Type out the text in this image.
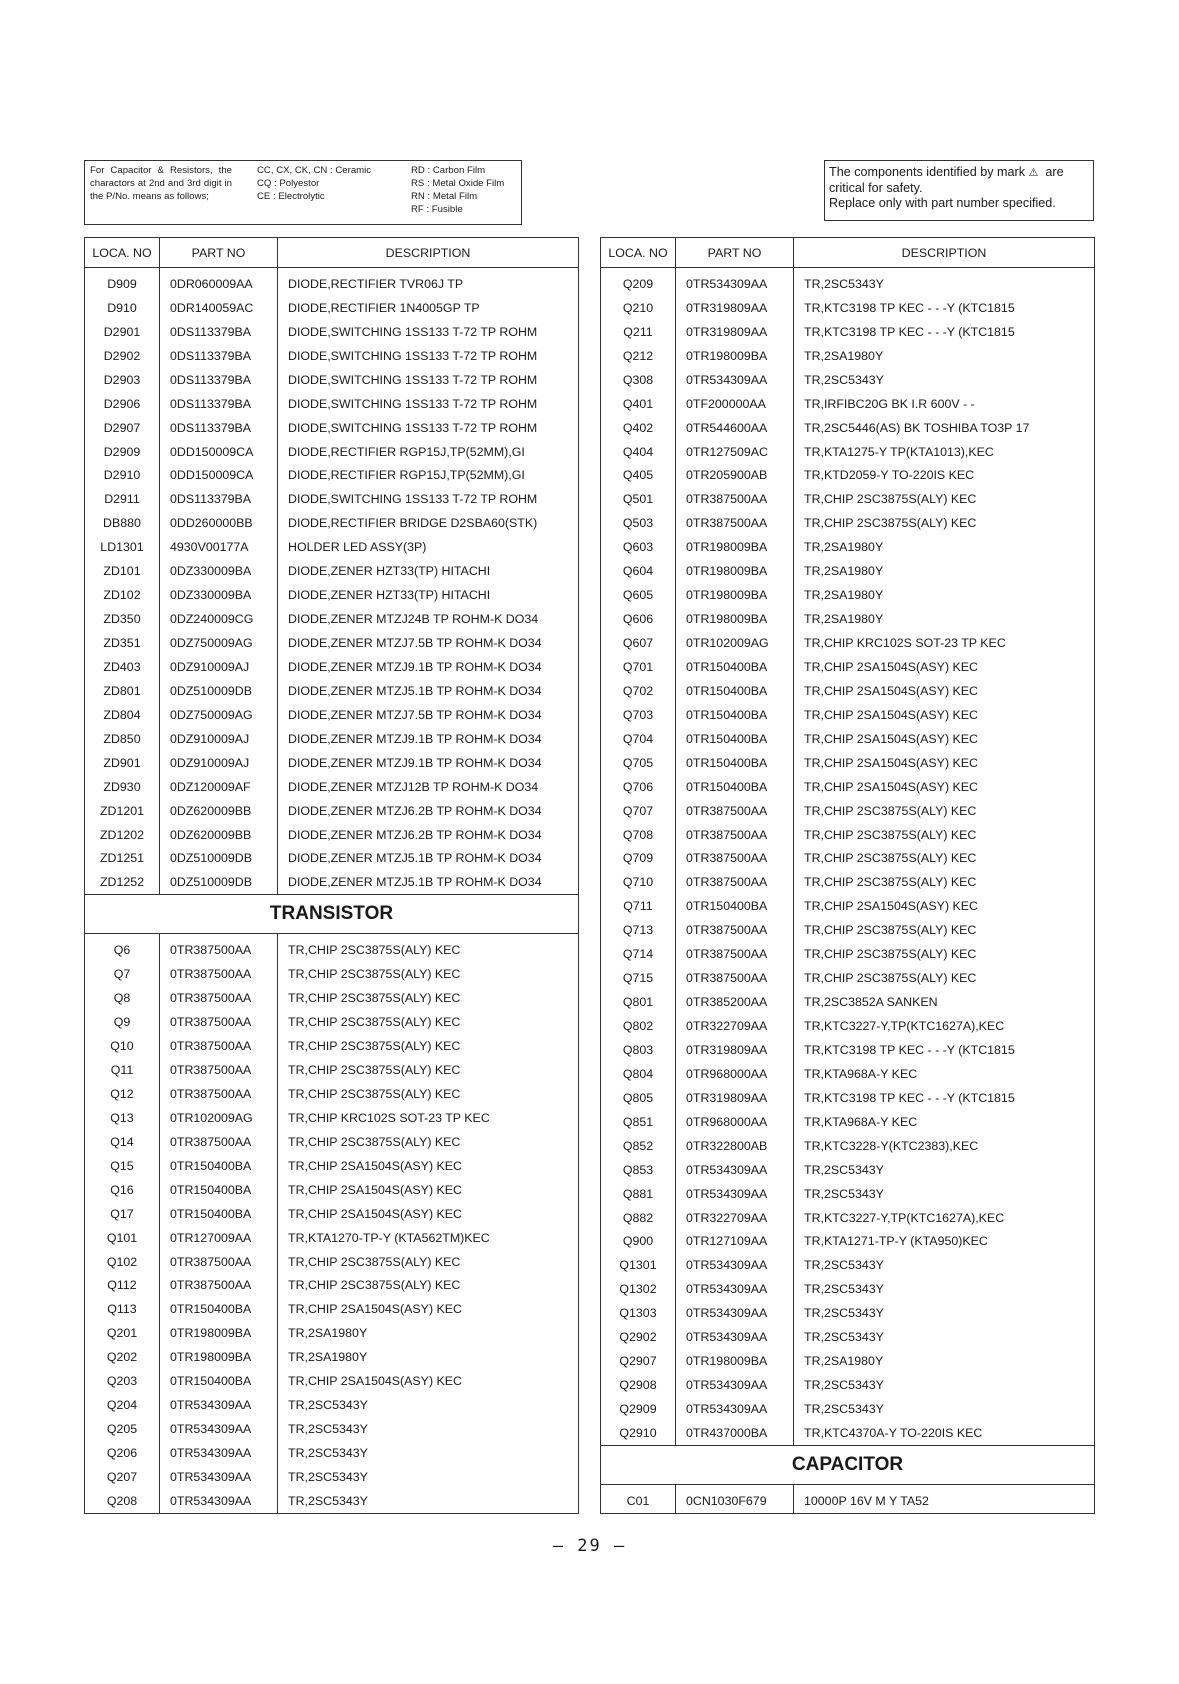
For Capacitor & Resistors, the charactors at 2nd and 3rd digit in the P/No. means as follows;
CC, CX, CK, CN : Ceramic
CQ : Polyestor
CE : Electrolytic
RD : Carbon Film
RS : Metal Oxide Film
RN : Metal Film
RF : Fusible
The components identified by mark ⚠ are
critical for safety.
Replace only with part number specified.
LOCA. NO	PART NO	DESCRIPTION
D909	0DR060009AA	DIODE,RECTIFIER TVR06J TP
D910	0DR140059AC	DIODE,RECTIFIER 1N4005GP TP
D2901	0DS113379BA	DIODE,SWITCHING 1SS133 T-72 TP ROHM
D2902	0DS113379BA	DIODE,SWITCHING 1SS133 T-72 TP ROHM
D2903	0DS113379BA	DIODE,SWITCHING 1SS133 T-72 TP ROHM
D2906	0DS113379BA	DIODE,SWITCHING 1SS133 T-72 TP ROHM
D2907	0DS113379BA	DIODE,SWITCHING 1SS133 T-72 TP ROHM
D2909	0DD150009CA	DIODE,RECTIFIER RGP15J,TP(52MM),GI
D2910	0DD150009CA	DIODE,RECTIFIER RGP15J,TP(52MM),GI
D2911	0DS113379BA	DIODE,SWITCHING 1SS133 T-72 TP ROHM
DB880	0DD260000BB	DIODE,RECTIFIER BRIDGE D2SBA60(STK)
LD1301	4930V00177A	HOLDER LED ASSY(3P)
ZD101	0DZ330009BA	DIODE,ZENER HZT33(TP) HITACHI
ZD102	0DZ330009BA	DIODE,ZENER HZT33(TP) HITACHI
ZD350	0DZ240009CG	DIODE,ZENER MTZJ24B TP ROHM-K DO34
ZD351	0DZ750009AG	DIODE,ZENER MTZJ7.5B TP ROHM-K DO34
ZD403	0DZ910009AJ	DIODE,ZENER MTZJ9.1B TP ROHM-K DO34
ZD801	0DZ510009DB	DIODE,ZENER MTZJ5.1B TP ROHM-K DO34
ZD804	0DZ750009AG	DIODE,ZENER MTZJ7.5B TP ROHM-K DO34
ZD850	0DZ910009AJ	DIODE,ZENER MTZJ9.1B TP ROHM-K DO34
ZD901	0DZ910009AJ	DIODE,ZENER MTZJ9.1B TP ROHM-K DO34
ZD930	0DZ120009AF	DIODE,ZENER MTZJ12B TP ROHM-K DO34
ZD1201	0DZ620009BB	DIODE,ZENER MTZJ6.2B TP ROHM-K DO34
ZD1202	0DZ620009BB	DIODE,ZENER MTZJ6.2B TP ROHM-K DO34
ZD1251	0DZ510009DB	DIODE,ZENER MTZJ5.1B TP ROHM-K DO34
ZD1252	0DZ510009DB	DIODE,ZENER MTZJ5.1B TP ROHM-K DO34
TRANSISTOR		
Q6	0TR387500AA	TR,CHIP 2SC3875S(ALY) KEC
Q7	0TR387500AA	TR,CHIP 2SC3875S(ALY) KEC
Q8	0TR387500AA	TR,CHIP 2SC3875S(ALY) KEC
Q9	0TR387500AA	TR,CHIP 2SC3875S(ALY) KEC
Q10	0TR387500AA	TR,CHIP 2SC3875S(ALY) KEC
Q11	0TR387500AA	TR,CHIP 2SC3875S(ALY) KEC
Q12	0TR387500AA	TR,CHIP 2SC3875S(ALY) KEC
Q13	0TR102009AG	TR,CHIP KRC102S SOT-23 TP KEC
Q14	0TR387500AA	TR,CHIP 2SC3875S(ALY) KEC
Q15	0TR150400BA	TR,CHIP 2SA1504S(ASY) KEC
Q16	0TR150400BA	TR,CHIP 2SA1504S(ASY) KEC
Q17	0TR150400BA	TR,CHIP 2SA1504S(ASY) KEC
Q101	0TR127009AA	TR,KTA1270-TP-Y (KTA562TM)KEC
Q102	0TR387500AA	TR,CHIP 2SC3875S(ALY) KEC
Q112	0TR387500AA	TR,CHIP 2SC3875S(ALY) KEC
Q113	0TR150400BA	TR,CHIP 2SA1504S(ASY) KEC
Q201	0TR198009BA	TR,2SA1980Y
Q202	0TR198009BA	TR,2SA1980Y
Q203	0TR150400BA	TR,CHIP 2SA1504S(ASY) KEC
Q204	0TR534309AA	TR,2SC5343Y
Q205	0TR534309AA	TR,2SC5343Y
Q206	0TR534309AA	TR,2SC5343Y
Q207	0TR534309AA	TR,2SC5343Y
Q208	0TR534309AA	TR,2SC5343Y
LOCA. NO	PART NO	DESCRIPTION
Q209	0TR534309AA	TR,2SC5343Y
Q210	0TR319809AA	TR,KTC3198 TP KEC - - -Y (KTC1815
Q211	0TR319809AA	TR,KTC3198 TP KEC - - -Y (KTC1815
Q212	0TR198009BA	TR,2SA1980Y
Q308	0TR534309AA	TR,2SC5343Y
Q401	0TF200000AA	TR,IRFIBC20G BK I.R 600V - -
Q402	0TR544600AA	TR,2SC5446(AS) BK TOSHIBA TO3P 17
Q404	0TR127509AC	TR,KTA1275-Y TP(KTA1013),KEC
Q405	0TR205900AB	TR,KTD2059-Y TO-220IS KEC
Q501	0TR387500AA	TR,CHIP 2SC3875S(ALY) KEC
Q503	0TR387500AA	TR,CHIP 2SC3875S(ALY) KEC
Q603	0TR198009BA	TR,2SA1980Y
Q604	0TR198009BA	TR,2SA1980Y
Q605	0TR198009BA	TR,2SA1980Y
Q606	0TR198009BA	TR,2SA1980Y
Q607	0TR102009AG	TR,CHIP KRC102S SOT-23 TP KEC
Q701	0TR150400BA	TR,CHIP 2SA1504S(ASY) KEC
Q702	0TR150400BA	TR,CHIP 2SA1504S(ASY) KEC
Q703	0TR150400BA	TR,CHIP 2SA1504S(ASY) KEC
Q704	0TR150400BA	TR,CHIP 2SA1504S(ASY) KEC
Q705	0TR150400BA	TR,CHIP 2SA1504S(ASY) KEC
Q706	0TR150400BA	TR,CHIP 2SA1504S(ASY) KEC
Q707	0TR387500AA	TR,CHIP 2SC3875S(ALY) KEC
Q708	0TR387500AA	TR,CHIP 2SC3875S(ALY) KEC
Q709	0TR387500AA	TR,CHIP 2SC3875S(ALY) KEC
Q710	0TR387500AA	TR,CHIP 2SC3875S(ALY) KEC
Q711	0TR150400BA	TR,CHIP 2SA1504S(ASY) KEC
Q713	0TR387500AA	TR,CHIP 2SC3875S(ALY) KEC
Q714	0TR387500AA	TR,CHIP 2SC3875S(ALY) KEC
Q715	0TR387500AA	TR,CHIP 2SC3875S(ALY) KEC
Q801	0TR385200AA	TR,2SC3852A SANKEN
Q802	0TR322709AA	TR,KTC3227-Y,TP(KTC1627A),KEC
Q803	0TR319809AA	TR,KTC3198 TP KEC - - -Y (KTC1815
Q804	0TR968000AA	TR,KTA968A-Y KEC
Q805	0TR319809AA	TR,KTC3198 TP KEC - - -Y (KTC1815
Q851	0TR968000AA	TR,KTA968A-Y KEC
Q852	0TR322800AB	TR,KTC3228-Y(KTC2383),KEC
Q853	0TR534309AA	TR,2SC5343Y
Q881	0TR534309AA	TR,2SC5343Y
Q882	0TR322709AA	TR,KTC3227-Y,TP(KTC1627A),KEC
Q900	0TR127109AA	TR,KTA1271-TP-Y (KTA950)KEC
Q1301	0TR534309AA	TR,2SC5343Y
Q1302	0TR534309AA	TR,2SC5343Y
Q1303	0TR534309AA	TR,2SC5343Y
Q2902	0TR534309AA	TR,2SC5343Y
Q2907	0TR198009BA	TR,2SA1980Y
Q2908	0TR534309AA	TR,2SC5343Y
Q2909	0TR534309AA	TR,2SC5343Y
Q2910	0TR437000BA	TR,KTC4370A-Y TO-220IS KEC
CAPACITOR		
C01	0CN1030F679	10000P 16V M Y TA52
– 29 –
